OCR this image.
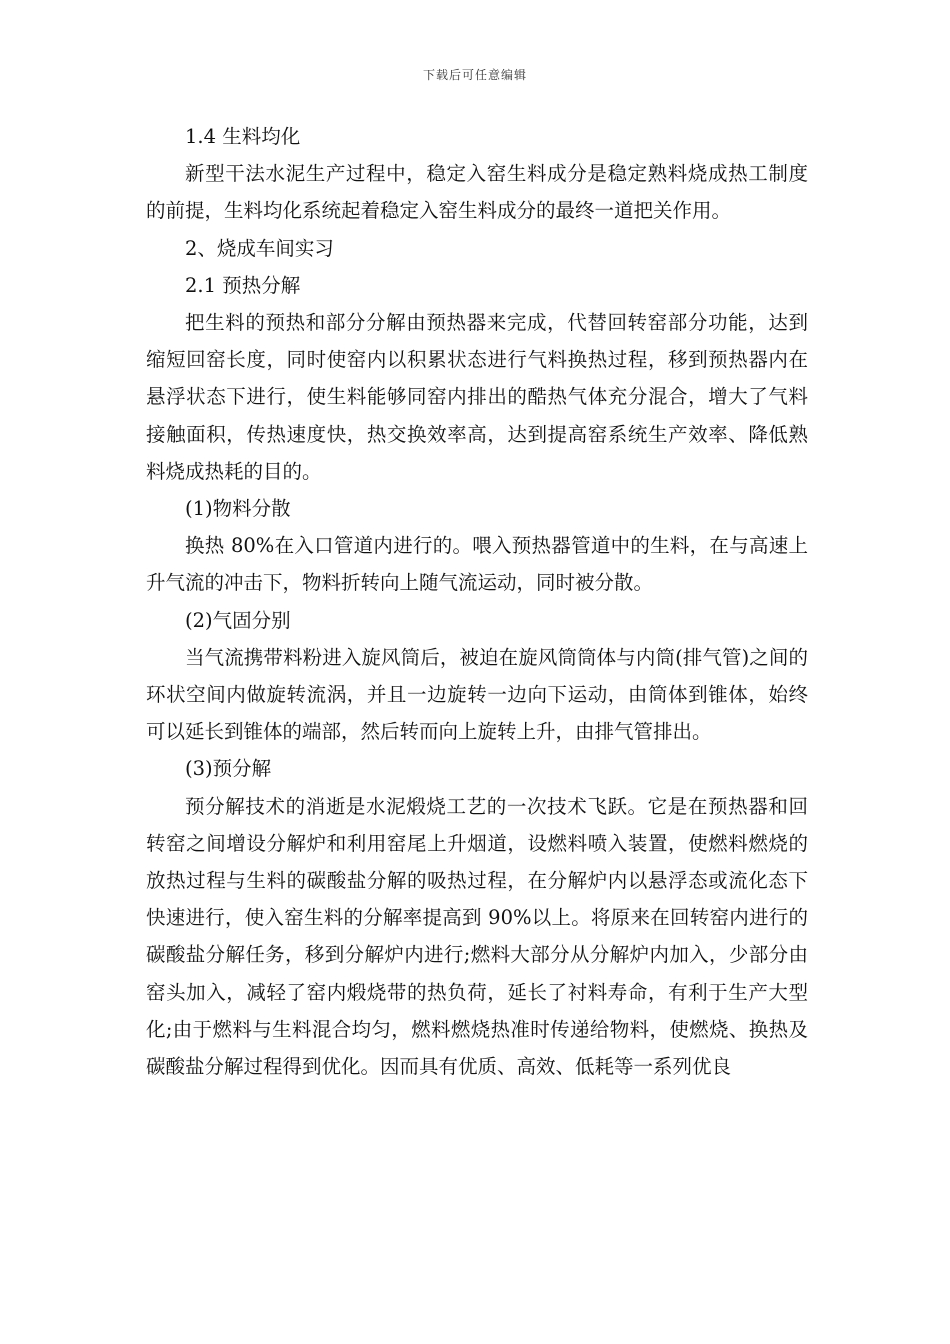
下载后可任意编辑

1.4 生料均化

新型干法水泥生产过程中，稳定入窑生料成分是稳定熟料烧成热工制度的前提，生料均化系统起着稳定入窑生料成分的最终一道把关作用。

2、烧成车间实习

2.1 预热分解

把生料的预热和部分分解由预热器来完成，代替回转窑部分功能，达到缩短回窑长度，同时使窑内以积累状态进行气料换热过程，移到预热器内在悬浮状态下进行，使生料能够同窑内排出的酷热气体充分混合，增大了气料接触面积，传热速度快，热交换效率高，达到提高窑系统生产效率、降低熟料烧成热耗的目的。

(1)物料分散

换热 80%在入口管道内进行的。喂入预热器管道中的生料，在与高速上升气流的冲击下，物料折转向上随气流运动，同时被分散。

(2)气固分别

当气流携带料粉进入旋风筒后，被迫在旋风筒筒体与内筒(排气管)之间的环状空间内做旋转流涡，并且一边旋转一边向下运动，由筒体到锥体，始终可以延长到锥体的端部，然后转而向上旋转上升，由排气管排出。

(3)预分解

预分解技术的消逝是水泥煅烧工艺的一次技术飞跃。它是在预热器和回转窑之间增设分解炉和利用窑尾上升烟道，设燃料喷入装置，使燃料燃烧的放热过程与生料的碳酸盐分解的吸热过程，在分解炉内以悬浮态或流化态下快速进行，使入窑生料的分解率提高到 90%以上。将原来在回转窑内进行的碳酸盐分解任务，移到分解炉内进行;燃料大部分从分解炉内加入，少部分由窑头加入，减轻了窑内煅烧带的热负荷，延长了衬料寿命，有利于生产大型化;由于燃料与生料混合均匀，燃料燃烧热准时传递给物料，使燃烧、换热及碳酸盐分解过程得到优化。因而具有优质、高效、低耗等一系列优良
